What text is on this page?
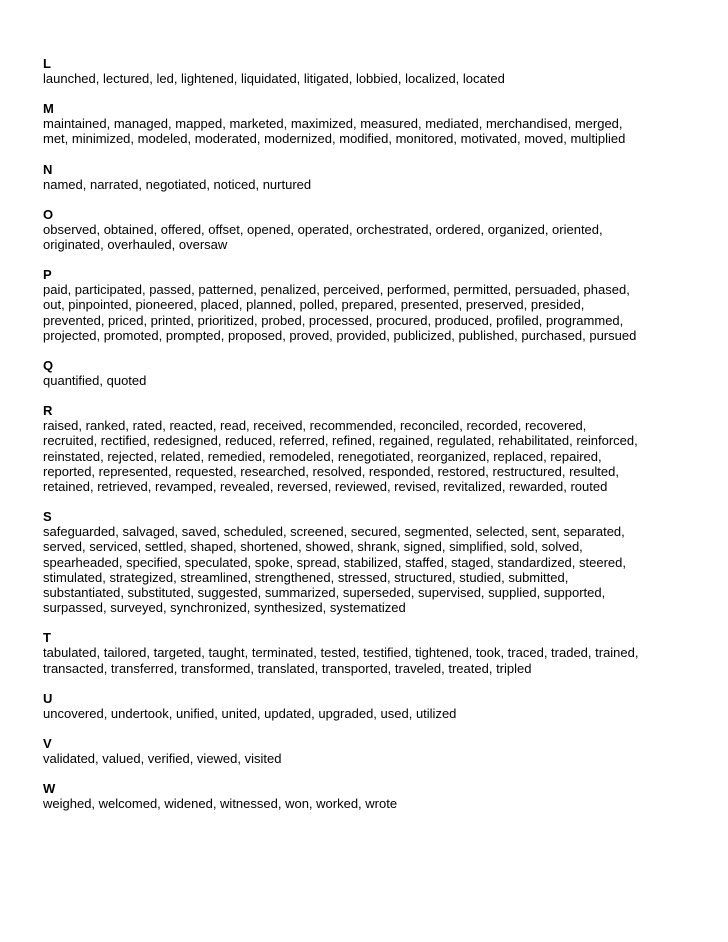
L

launched, lectured, led, lightened, liquidated, litigated, lobbied, localized, located

M

maintained, managed, mapped, marketed, maximized, measured, mediated, merchandised, merged,
met, minimized, modeled, moderated, modernized, modified, monitored, motivated, moved, multiplied

N

named, narrated, negotiated, noticed, nurtured

O

observed, obtained, offered, offset, opened, operated, orchestrated, ordered, organized, oriented,
originated, overhauled, oversaw

P

paid, participated, passed, patterned, penalized, perceived, performed, permitted, persuaded, phased,
out, pinpointed, pioneered, placed, planned, polled, prepared, presented, preserved, presided,
prevented, priced, printed, prioritized, probed, processed, procured, produced, profiled, programmed,
projected, promoted, prompted, proposed, proved, provided, publicized, published, purchased, pursued

Q

quantified, quoted

R

raised, ranked, rated, reacted, read, received, recommended, reconciled, recorded, recovered,
recruited, rectified, redesigned, reduced, referred, refined, regained, regulated, rehabilitated, reinforced,
reinstated, rejected, related, remedied, remodeled, renegotiated, reorganized, replaced, repaired,
reported, represented, requested, researched, resolved, responded, restored, restructured, resulted,
retained, retrieved, revamped, revealed, reversed, reviewed, revised, revitalized, rewarded, routed

S

safeguarded, salvaged, saved, scheduled, screened, secured, segmented, selected, sent, separated,
served, serviced, settled, shaped, shortened, showed, shrank, signed, simplified, sold, solved,
spearheaded, specified, speculated, spoke, spread, stabilized, staffed, staged, standardized, steered,
stimulated, strategized, streamlined, strengthened, stressed, structured, studied, submitted,
substantiated, substituted, suggested, summarized, superseded, supervised, supplied, supported,
surpassed, surveyed, synchronized, synthesized, systematized

T

tabulated, tailored, targeted, taught, terminated, tested, testified, tightened, took, traced, traded, trained,
transacted, transferred, transformed, translated, transported, traveled, treated, tripled

U

uncovered, undertook, unified, united, updated, upgraded, used, utilized

V

validated, valued, verified, viewed, visited

W

weighed, welcomed, widened, witnessed, won, worked, wrote
